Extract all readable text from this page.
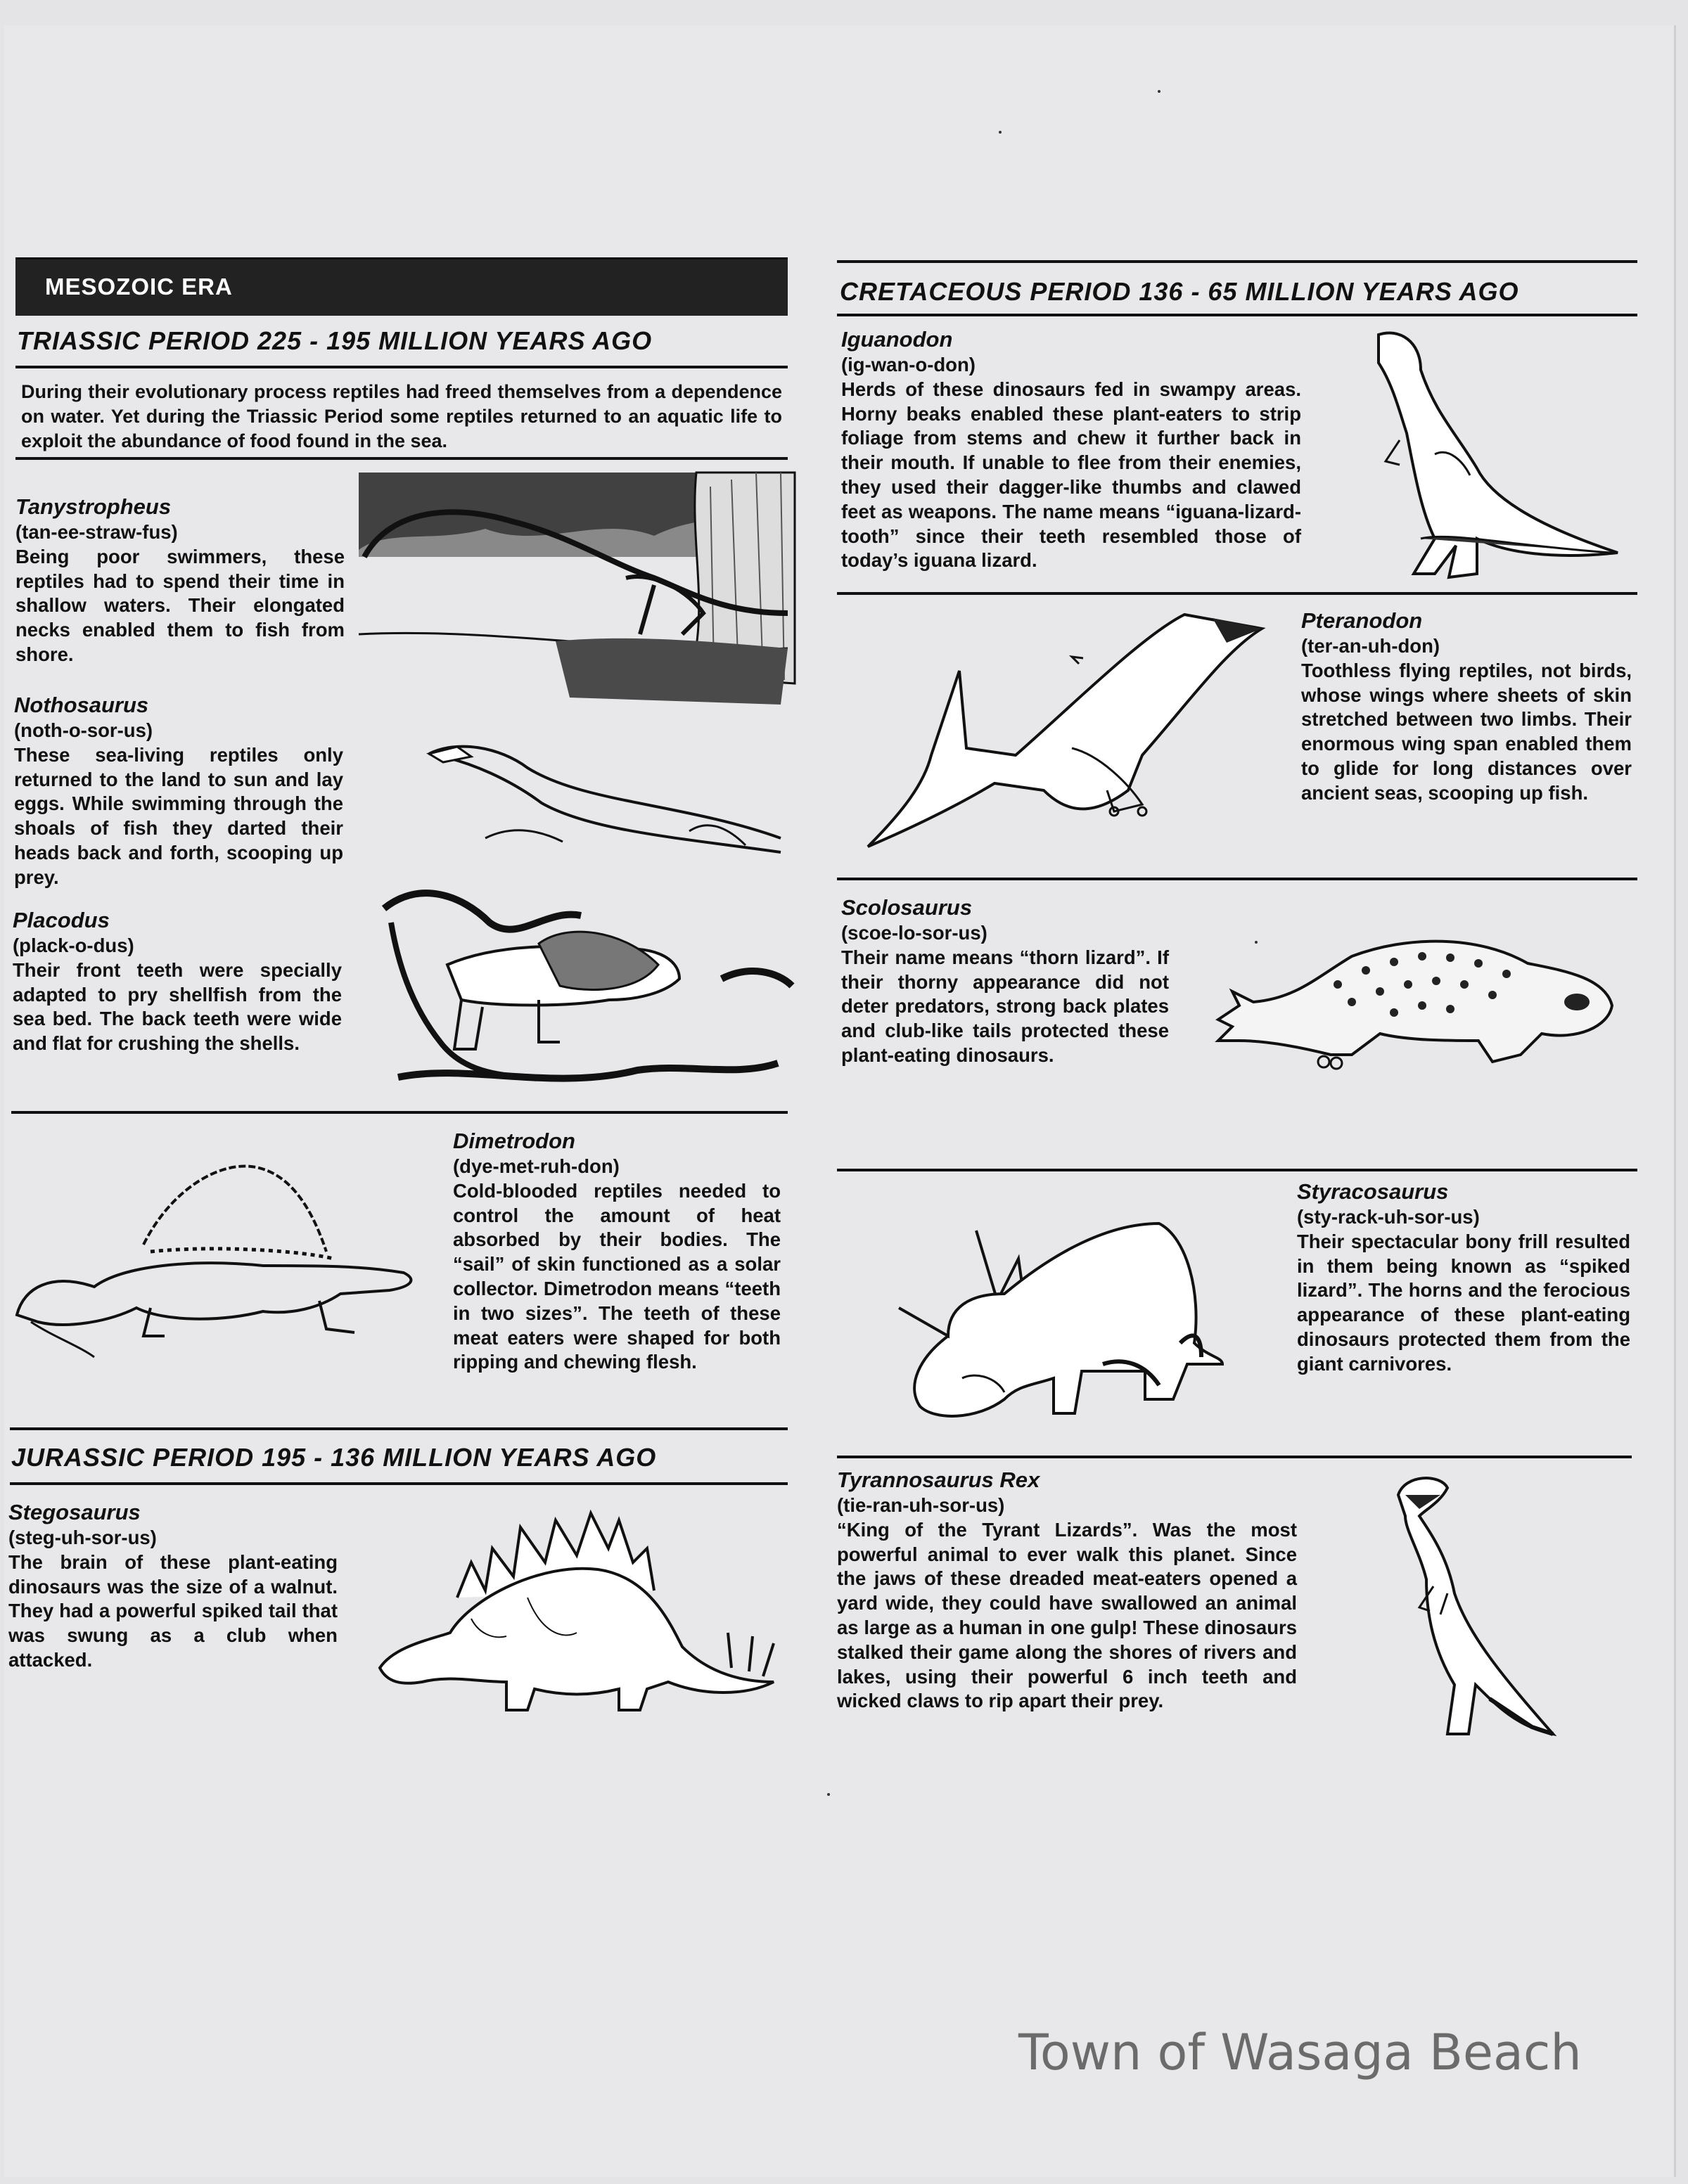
MESOZOIC ERA
TRIASSIC PERIOD 225 - 195 MILLION YEARS AGO
During their evolutionary process reptiles had freed themselves from a dependence on water. Yet during the Triassic Period some reptiles returned to an aquatic life to exploit the abundance of food found in the sea.
Tanystropheus
(tan-ee-straw-fus)
Being poor swimmers, these reptiles had to spend their time in shallow waters. Their elongated necks enabled them to fish from shore.
Nothosaurus
(noth-o-sor-us)
These sea-living reptiles only returned to the land to sun and lay eggs. While swimming through the shoals of fish they darted their heads back and forth, scooping up prey.
Placodus
(plack-o-dus)
Their front teeth were specially adapted to pry shellfish from the sea bed. The back teeth were wide and flat for crushing the shells.
Dimetrodon
(dye-met-ruh-don)
Cold-blooded reptiles needed to control the amount of heat absorbed by their bodies. The “sail” of skin functioned as a solar collector. Dimetrodon means “teeth in two sizes”. The teeth of these meat eaters were shaped for both ripping and chewing flesh.
JURASSIC PERIOD 195 - 136 MILLION YEARS AGO
Stegosaurus
(steg-uh-sor-us)
The brain of these plant-eating dinosaurs was the size of a walnut. They had a powerful spiked tail that was swung as a club when attacked.
CRETACEOUS PERIOD 136 - 65 MILLION YEARS AGO
Iguanodon
(ig-wan-o-don)
Herds of these dinosaurs fed in swampy areas. Horny beaks enabled these plant-eaters to strip foliage from stems and chew it further back in their mouth. If unable to flee from their enemies, they used their dagger-like thumbs and clawed feet as weapons. The name means “iguana-lizard-tooth” since their teeth resembled those of today’s iguana lizard.
Pteranodon
(ter-an-uh-don)
Toothless flying reptiles, not birds, whose wings where sheets of skin stretched between two limbs. Their enormous wing span enabled them to glide for long distances over ancient seas, scooping up fish.
Scolosaurus
(scoe-lo-sor-us)
Their name means “thorn lizard”. If their thorny appearance did not deter predators, strong back plates and club-like tails protected these plant-eating dinosaurs.
Styracosaurus
(sty-rack-uh-sor-us)
Their spectacular bony frill resulted in them being known as “spiked lizard”. The horns and the ferocious appearance of these plant-eating dinosaurs protected them from the giant carnivores.
Tyrannosaurus Rex
(tie-ran-uh-sor-us)
“King of the Tyrant Lizards”. Was the most powerful animal to ever walk this planet. Since the jaws of these dreaded meat-eaters opened a yard wide, they could have swallowed an animal as large as a human in one gulp! These dinosaurs stalked their game along the shores of rivers and lakes, using their powerful 6 inch teeth and wicked claws to rip apart their prey.
Town of Wasaga Beach
